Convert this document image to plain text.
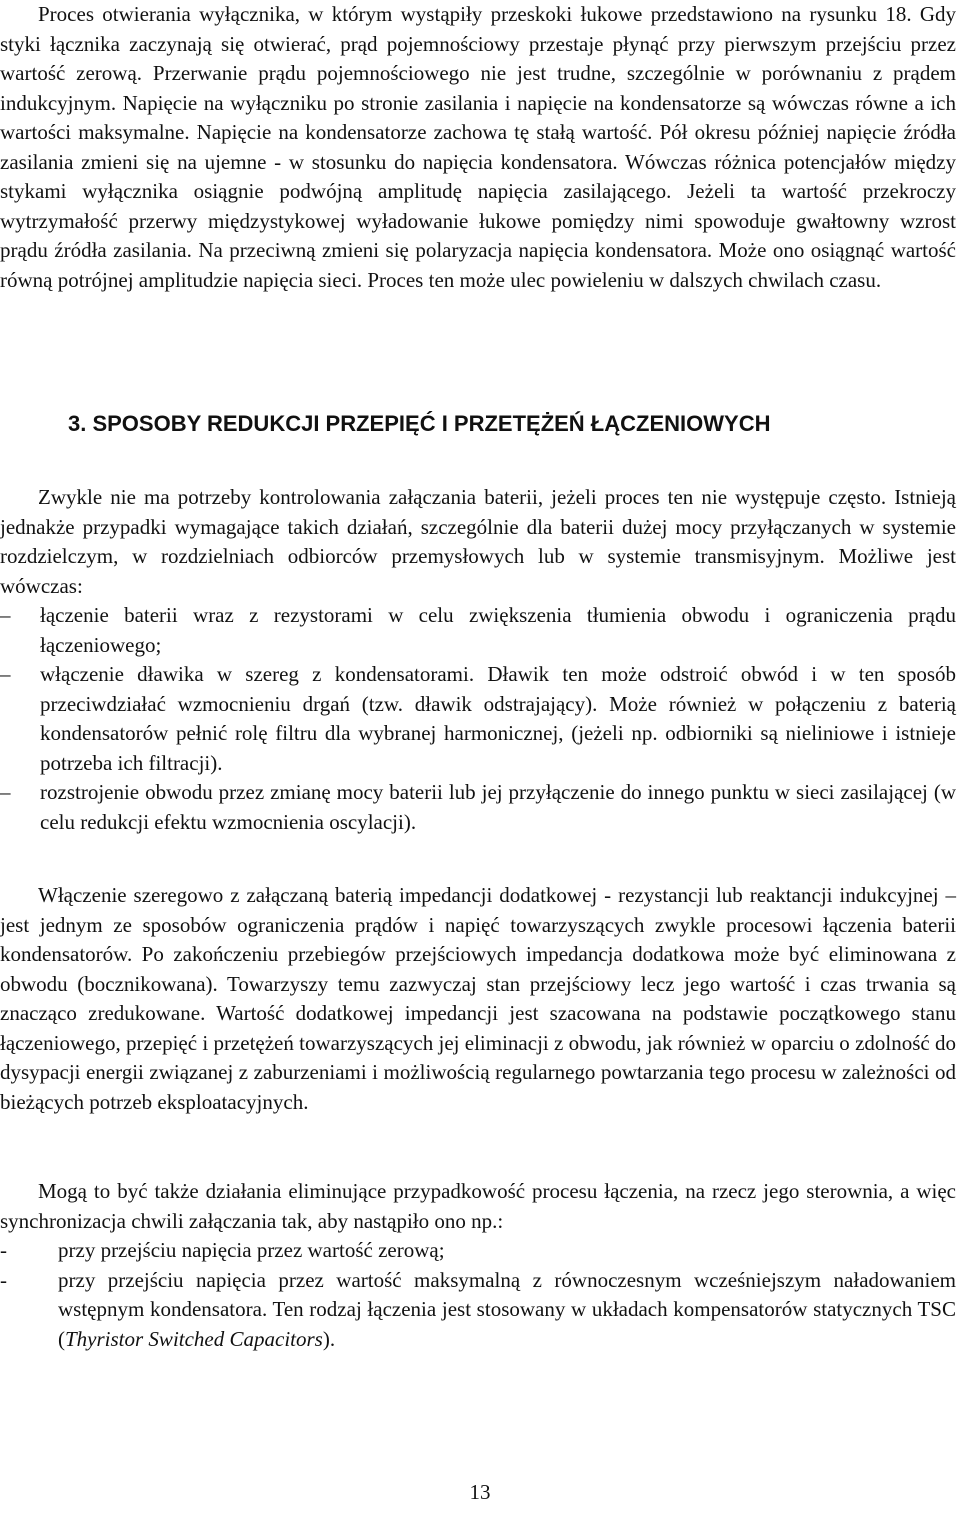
Proces otwierania wyłącznika, w którym wystąpiły przeskoki łukowe przedstawiono na rysunku 18. Gdy styki łącznika zaczynają się otwierać, prąd pojemnościowy przestaje płynąć przy pierwszym przejściu przez wartość zerową. Przerwanie prądu pojemnościowego nie jest trudne, szczególnie w porównaniu z prądem indukcyjnym. Napięcie na wyłączniku po stronie zasilania i napięcie na kondensatorze są wówczas równe a ich wartości maksymalne. Napięcie na kondensatorze zachowa tę stałą wartość. Pół okresu później napięcie źródła zasilania zmieni się na ujemne - w stosunku do napięcia kondensatora. Wówczas różnica potencjałów między stykami wyłącznika osiągnie podwójną amplitudę napięcia zasilającego. Jeżeli ta wartość przekroczy wytrzymałość przerwy międzystykowej wyładowanie łukowe pomiędzy nimi spowoduje gwałtowny wzrost prądu źródła zasilania. Na przeciwną zmieni się polaryzacja napięcia kondensatora. Może ono osiągnąć wartość równą potrójnej amplitudzie napięcia sieci. Proces ten może ulec powieleniu w dalszych chwilach czasu.

3. SPOSOBY REDUKCJI PRZEPIĘĆ I PRZETĘŻEŃ ŁĄCZENIOWYCH

Zwykle nie ma potrzeby kontrolowania załączania baterii, jeżeli proces ten nie występuje często. Istnieją jednakże przypadki wymagające takich działań, szczególnie dla baterii dużej mocy przyłączanych w systemie rozdzielczym, w rozdzielniach odbiorców przemysłowych lub w systemie transmisyjnym. Możliwe jest wówczas:

–	łączenie baterii wraz z rezystorami w celu zwiększenia tłumienia obwodu i ograniczenia prądu łączeniowego;
–	włączenie dławika w szereg z kondensatorami. Dławik ten może odstroić obwód i w ten sposób przeciwdziałać wzmocnieniu drgań (tzw. dławik odstrajający). Może również w połączeniu z baterią kondensatorów pełnić rolę filtru dla wybranej harmonicznej, (jeżeli np. odbiorniki są nieliniowe i istnieje potrzeba ich filtracji).
–	rozstrojenie obwodu przez zmianę mocy baterii lub jej przyłączenie do innego punktu w sieci zasilającej (w celu redukcji efektu wzmocnienia oscylacji).

Włączenie szeregowo z załączaną baterią impedancji dodatkowej - rezystancji lub reaktancji indukcyjnej – jest jednym ze sposobów ograniczenia prądów i napięć towarzyszących zwykle procesowi łączenia baterii kondensatorów. Po zakończeniu przebiegów przejściowych impedancja dodatkowa może być eliminowana z obwodu (bocznikowana). Towarzyszy temu zazwyczaj stan przejściowy lecz jego wartość i czas trwania są znacząco zredukowane. Wartość dodatkowej impedancji jest szacowana na podstawie początkowego stanu łączeniowego, przepięć i przetężeń towarzyszących jej eliminacji z obwodu, jak również w oparciu o zdolność do dysypacji energii związanej z zaburzeniami i możliwością regularnego powtarzania tego procesu w zależności od bieżących potrzeb eksploatacyjnych.

Mogą to być także działania eliminujące przypadkowość procesu łączenia, na rzecz jego sterownia, a więc synchronizacja chwili załączania tak, aby nastąpiło ono np.:

-	przy przejściu napięcia przez wartość zerową;
-	przy przejściu napięcia przez wartość maksymalną z równoczesnym wcześniejszym naładowaniem wstępnym kondensatora. Ten rodzaj łączenia jest stosowany w układach kompensatorów statycznych TSC (Thyristor Switched Capacitors).

13
